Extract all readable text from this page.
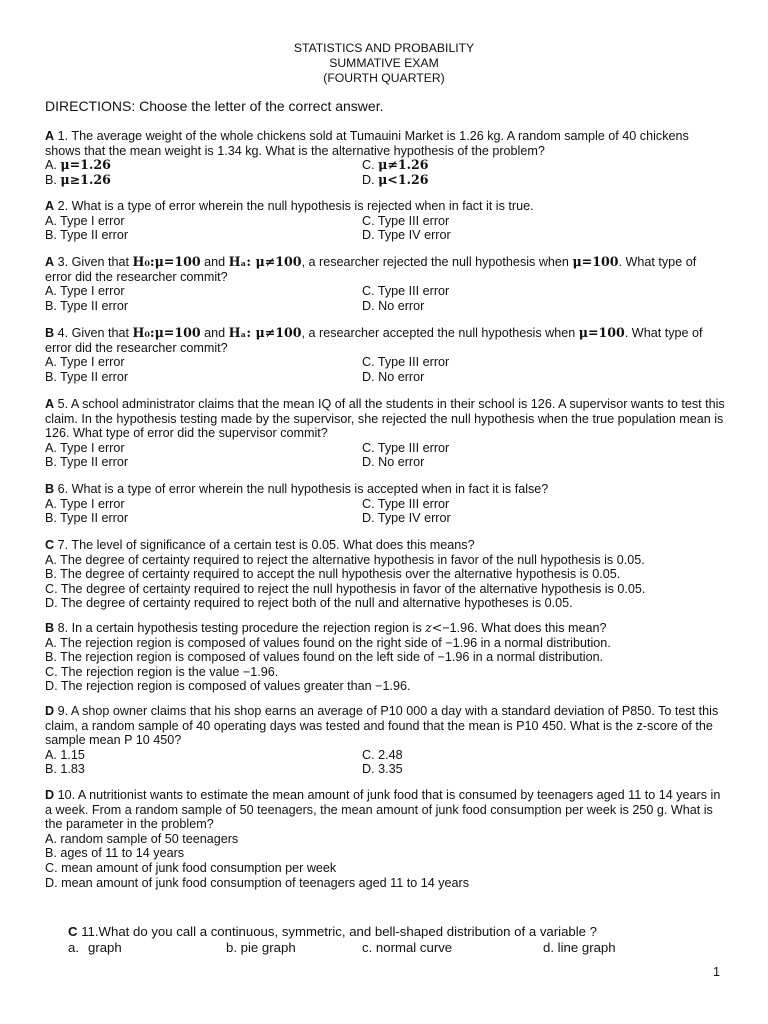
STATISTICS AND PROBABILITY
SUMMATIVE EXAM
(FOURTH QUARTER)
DIRECTIONS: Choose the letter of the correct answer.

A 1. The average weight of the whole chickens sold at Tumauini Market is 1.26 kg. A random sample of 40 chickens shows that the mean weight is 1.34 kg. What is the alternative hypothesis of the problem?

A. μ=1.26	C. μ≠1.26
B. μ≥1.26	D. μ<1.26

A 2. What is a type of error wherein the null hypothesis is rejected when in fact it is true.

A. Type I error	C. Type III error
B. Type II error	D. Type IV error

A 3. Given that H₀:μ=100 and Hₐ: μ≠100, a researcher rejected the null hypothesis when μ=100. What type of error did the researcher commit?

A. Type I error	C. Type III error
B. Type II error	D. No error

B 4. Given that H₀:μ=100 and Hₐ: μ≠100, a researcher accepted the null hypothesis when μ=100. What type of error did the researcher commit?

A. Type I error	C. Type III error
B. Type II error	D. No error

A 5. A school administrator claims that the mean IQ of all the students in their school is 126. A supervisor wants to test this claim. In the hypothesis testing made by the supervisor, she rejected the null hypothesis when the true population mean is 126. What type of error did the supervisor commit?

A. Type I error	C. Type III error
B. Type II error	D. No error

B 6. What is a type of error wherein the null hypothesis is accepted when in fact it is false?

A. Type I error	C. Type III error
B. Type II error	D. Type IV error

C 7. The level of significance of a certain test is 0.05. What does this means?

A. The degree of certainty required to reject the alternative hypothesis in favor of the null hypothesis is 0.05.
B. The degree of certainty required to accept the null hypothesis over the alternative hypothesis is 0.05.
C. The degree of certainty required to reject the null hypothesis in favor of the alternative hypothesis is 0.05.
D. The degree of certainty required to reject both of the null and alternative hypotheses is 0.05.

B 8. In a certain hypothesis testing procedure the rejection region is z<−1.96. What does this mean?

A. The rejection region is composed of values found on the right side of −1.96 in a normal distribution.
B. The rejection region is composed of values found on the left side of −1.96 in a normal distribution.
C. The rejection region is the value −1.96.
D. The rejection region is composed of values greater than −1.96.

D 9. A shop owner claims that his shop earns an average of P10 000 a day with a standard deviation of P850. To test this claim, a random sample of 40 operating days was tested and found that the mean is P10 450. What is the z-score of the sample mean P 10 450?

A. 1.15	C. 2.48
B. 1.83	D. 3.35

D 10. A nutritionist wants to estimate the mean amount of junk food that is consumed by teenagers aged 11 to 14 years in a week. From a random sample of 50 teenagers, the mean amount of junk food consumption per week is 250 g. What is the parameter in the problem?

A. random sample of 50 teenagers
B. ages of 11 to 14 years
C. mean amount of junk food consumption per week
D. mean amount of junk food consumption of teenagers aged 11 to 14 years

C 11.What do you call a continuous, symmetric, and bell-shaped distribution of a variable ?

a. graph	b. pie graph	c. normal curve	d. line graph
1
